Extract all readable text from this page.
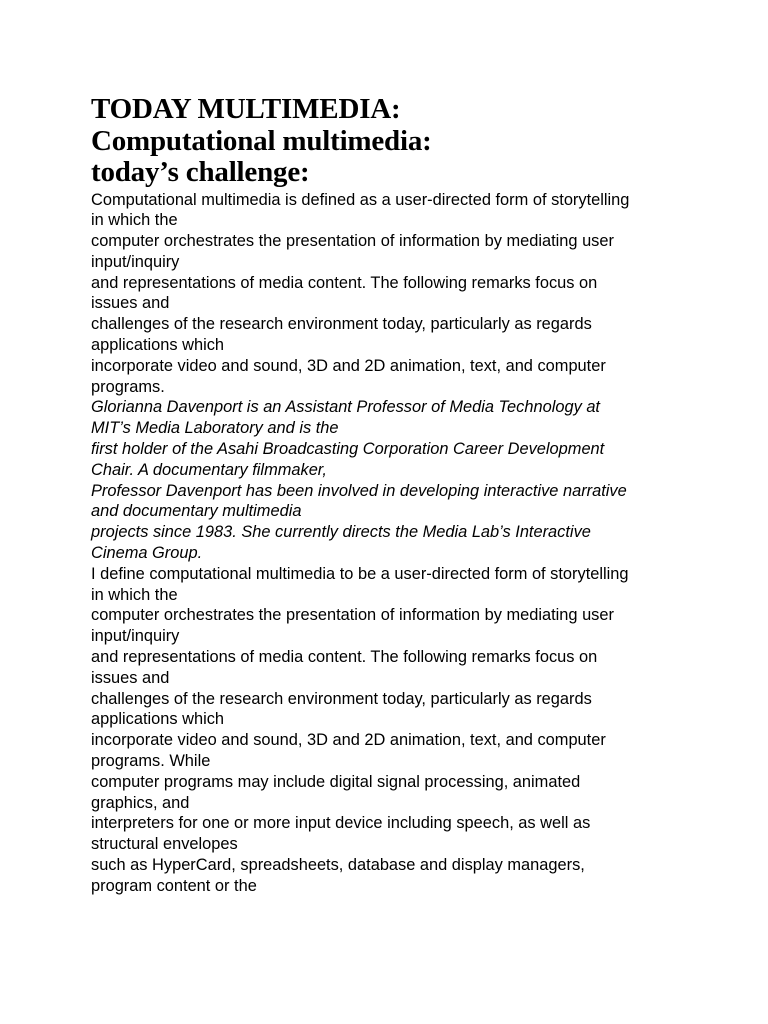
TODAY MULTIMEDIA:

Computational multimedia:

today’s challenge:

Computational multimedia is defined as a user-directed form of storytelling
in which the
computer orchestrates the presentation of information by mediating user
input/inquiry
and representations of media content. The following remarks focus on
issues and
challenges of the research environment today, particularly as regards
applications which
incorporate video and sound, 3D and 2D animation, text, and computer
programs.

Glorianna Davenport is an Assistant Professor of Media Technology at
MIT’s Media Laboratory and is the
first holder of the Asahi Broadcasting Corporation Career Development
Chair. A documentary filmmaker,
Professor Davenport has been involved in developing interactive narrative
and documentary multimedia
projects since 1983. She currently directs the Media Lab’s Interactive
Cinema Group.

I define computational multimedia to be a user-directed form of storytelling
in which the
computer orchestrates the presentation of information by mediating user
input/inquiry
and representations of media content. The following remarks focus on
issues and
challenges of the research environment today, particularly as regards
applications which
incorporate video and sound, 3D and 2D animation, text, and computer
programs. While
computer programs may include digital signal processing, animated
graphics, and
interpreters for one or more input device including speech, as well as
structural envelopes
such as HyperCard, spreadsheets, database and display managers,
program content or the
